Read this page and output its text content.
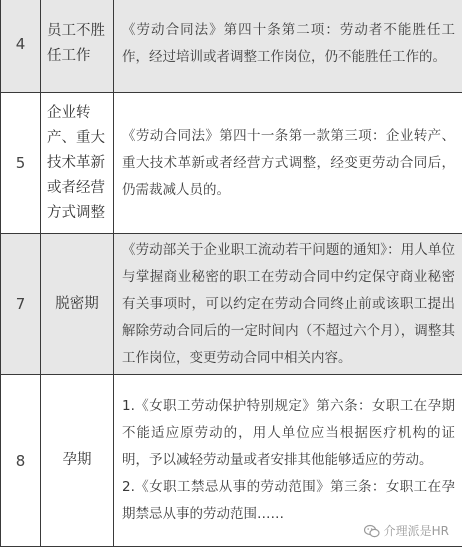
4	员工不胜任工作	《劳动合同法》第四十条第二项：劳动者不能胜任工作，经过培训或者调整工作岗位，仍不能胜任工作的。

5	企业转产、重大技术革新或者经营方式调整	《劳动合同法》第四十一条第一款第三项：企业转产、重大技术革新或者经营方式调整，经变更劳动合同后，仍需裁减人员的。

7	脱密期	《劳动部关于企业职工流动若干问题的通知》：用人单位与掌握商业秘密的职工在劳动合同中约定保守商业秘密有关事项时，可以约定在劳动合同终止前或该职工提出解除劳动合同后的一定时间内（不超过六个月），调整其工作岗位，变更劳动合同中相关内容。

8	孕期	1.《女职工劳动保护特别规定》第六条：女职工在孕期不能适应原劳动的，用人单位应当根据医疗机构的证明，予以减轻劳动量或者安排其他能够适应的劳动。
2.《女职工禁忌从事的劳动范围》第三条：女职工在孕期禁忌从事的劳动范围……
介理派是HR
